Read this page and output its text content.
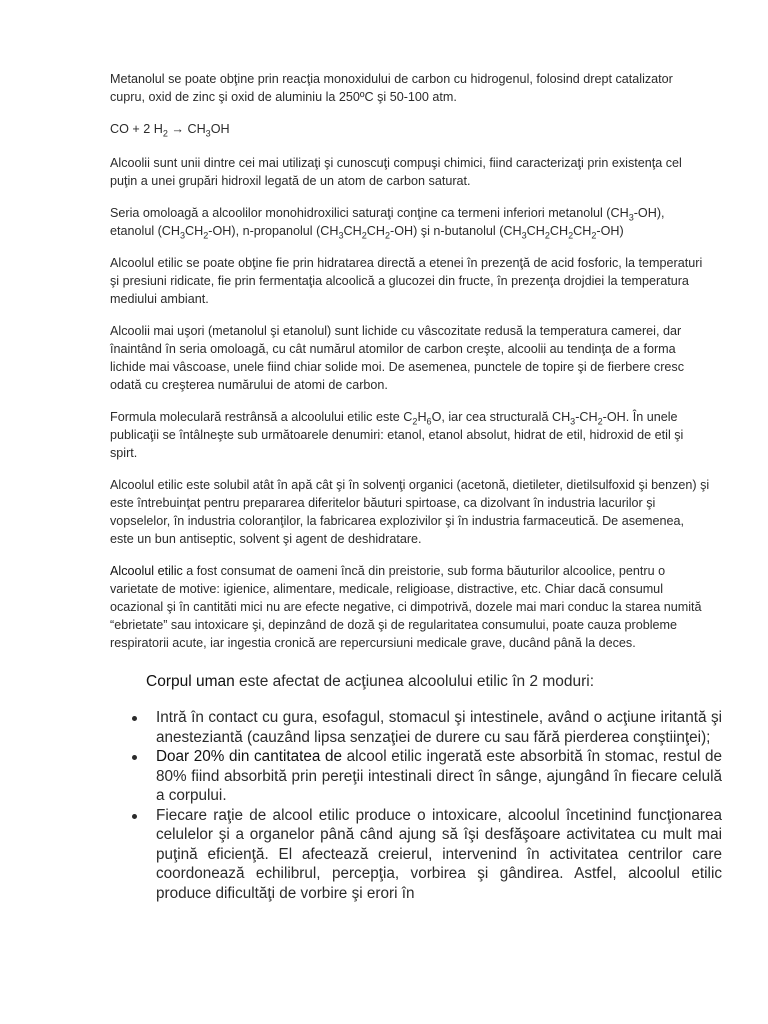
Metanolul se poate obţine prin reacţia monoxidului de carbon cu hidrogenul, folosind drept catalizator cupru, oxid de zinc şi oxid de aluminiu la 250ºC şi 50-100 atm.

CO + 2 $H_2 \to CH_3OH$

Alcoolii sunt unii dintre cei mai utilizaţi şi cunoscuţi compuşi chimici, fiind caracterizaţi prin existenţa cel puţin a unei grupări hidroxil legată de un atom de carbon saturat.

Seria omoloagă a alcoolilor monohidroxilici saturaţi conţine ca termeni inferiori metanolul $(CH_3-OH)$, etanolul $(CH_3CH_2-OH)$, n-propanolul $(CH_3CH_2CH_2-OH)$ şi n-butanolul $(CH_3CH_2CH_2CH_2-OH)$

Alcoolul etilic se poate obţine fie prin hidratarea directă a etenei în prezenţă de acid fosforic, la temperaturi şi presiuni ridicate, fie prin fermentaţia alcoolică a glucozei din fructe, în prezenţa drojdiei la temperatura mediului ambiant.

Alcoolii mai uşori (metanolul şi etanolul) sunt lichide cu vâscozitate redusă la temperatura camerei, dar înaintând în seria omoloagă, cu cât numărul atomilor de carbon creşte, alcoolii au tendinţa de a forma lichide mai vâscoase, unele fiind chiar solide moi. De asemenea, punctele de topire şi de fierbere cresc odată cu creşterea numărului de atomi de carbon.

Formula moleculară restrânsă a alcoolului etilic este $C_2H_6O$, iar cea structurală $CH_3-CH_2-OH$. În unele publicaţii se întâlneşte sub următoarele denumiri: etanol, etanol absolut, hidrat de etil, hidroxid de etil şi spirt.

Alcoolul etilic este solubil atât în apă cât şi în solvenţi organici (acetonă, dietileter, dietilsulfoxid şi benzen) şi este întrebuinţat pentru prepararea diferitelor băuturi spirtoase, ca dizolvant în industria lacurilor şi vopselelor, în industria coloranţilor, la fabricarea explozivilor şi în industria farmaceutică. De asemenea, este un bun antiseptic, solvent şi agent de deshidratare.

Alcoolul etilic a fost consumat de oameni încă din preistorie, sub forma băuturilor alcoolice, pentru o varietate de motive: igienice, alimentare, medicale, religioase, distractive, etc. Chiar dacă consumul ocazional şi în cantităti mici nu are efecte negative, ci dimpotrivă, dozele mai mari conduc la starea numită “ebrietate” sau intoxicare şi, depinzând de doză şi de regularitatea consumului, poate cauza probleme respiratorii acute, iar ingestia cronică are repercursiuni medicale grave, ducând până la deces.

Corpul uman este afectat de acţiunea alcoolului etilic în 2 moduri:
Intră în contact cu gura, esofagul, stomacul şi intestinele, având o acţiune iritantă şi anesteziantă (cauzând lipsa senzaţiei de durere cu sau fără pierderea conştiinţei);
Doar 20% din cantitatea de alcool etilic ingerată este absorbită în stomac, restul de 80% fiind absorbită prin pereţii intestinali direct în sânge, ajungând în fiecare celulă a corpului.
Fiecare raţie de alcool etilic produce o intoxicare, alcoolul încetinind funcţionarea celulelor şi a organelor până când ajung să îşi desfăşoare activitatea cu mult mai puţină eficienţă. El afectează creierul, intervenind în activitatea centrilor care coordonează echilibrul, percepţia, vorbirea şi gândirea. Astfel, alcoolul etilic produce dificultăţi de vorbire şi erori în
